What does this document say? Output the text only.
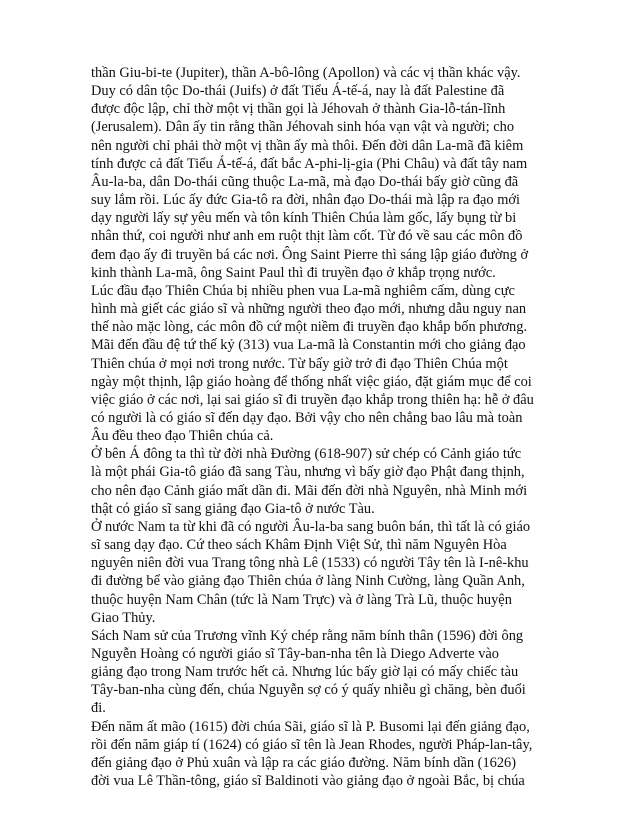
thần Giu-bi-te (Jupiter), thần A-bô-lông (Apollon) và các vị thần khác vậy.
Duy có dân tộc Do-thái (Juifs) ở đất Tiểu Á-tế-á, nay là đất Palestine đã
được độc lập, chỉ thờ một vị thần gọi là Jéhovah ở thành Gia-lỗ-tán-lĩnh
(Jerusalem). Dân ấy tin rằng thần Jéhovah sinh hóa vạn vật và người; cho
nên người chỉ phải thờ một vị thần ấy mà thôi. Đến đời dân La-mã đã kiêm
tính được cả đất Tiểu Á-tế-á, đất bắc A-phi-lị-gia (Phi Châu) và đất tây nam
Âu-la-ba, dân Do-thái cũng thuộc La-mã, mà đạo Do-thái bấy giờ cũng đã
suy lắm rồi. Lúc ấy đức Gia-tô ra đời, nhân đạo Do-thái mà lập ra đạo mới
dạy người lấy sự yêu mến và tôn kính Thiên Chúa làm gốc, lấy bụng từ bi
nhân thứ, coi người như anh em ruột thịt làm cốt. Từ đó về sau các môn đồ
đem đạo ấy đi truyền bá các nơi. Ông Saint Pierre thì sáng lập giáo đường ở
kinh thành La-mã, ông Saint Paul thì đi truyền đạo ở khắp trọng nước.
Lúc đầu đạo Thiên Chúa bị nhiều phen vua La-mã nghiêm cấm, dùng cực
hình mà giết các giáo sĩ và những người theo đạo mới, nhưng dẫu nguy nan
thế nào mặc lòng, các môn đồ cứ một niềm đi truyền đạo khắp bốn phương.
Mãi đến đầu đệ tứ thế kỷ (313) vua La-mã là Constantin mới cho giảng đạo
Thiên chúa ở mọi nơi trong nước. Từ bấy giờ trở đi đạo Thiên Chúa một
ngày một thịnh, lập giáo hoàng để thống nhất việc giáo, đặt giám mục để coi
việc giáo ở các nơi, lại sai giáo sĩ đi truyền đạo khắp trong thiên hạ: hễ ở đâu
có người là có giáo sĩ đến dạy đạo. Bởi vậy cho nên chẳng bao lâu mà toàn
Âu đều theo đạo Thiên chúa cả.
Ở bên Á đông ta thì từ đời nhà Đường (618-907) sử chép có Cảnh giáo tức
là một phái Gia-tô giáo đã sang Tàu, nhưng vì bấy giờ đạo Phật đang thịnh,
cho nên đạo Cảnh giáo mất dần đi. Mãi đến đời nhà Nguyên, nhà Minh mới
thật có giáo sĩ sang giảng đạo Gia-tô ở nước Tàu.
Ở nước Nam ta từ khi đã có người Âu-la-ba sang buôn bán, thì tất là có giáo
sĩ sang dạy đạo. Cứ theo sách Khâm Định Việt Sử, thì năm Nguyên Hòa
nguyên niên đời vua Trang tông nhà Lê (1533) có người Tây tên là I-nê-khu
đi đường bể vào giảng đạo Thiên chúa ở làng Ninh Cường, làng Quần Anh,
thuộc huyện Nam Chân (tức là Nam Trực) và ở làng Trà Lũ, thuộc huyện
Giao Thủy.
Sách Nam sử của Trương vĩnh Ký chép rằng năm bính thân (1596) đời ông
Nguyễn Hoàng có người giáo sĩ Tây-ban-nha tên là Diego Adverte vào
giảng đạo trong Nam trước hết cả. Nhưng lúc bấy giờ lại có mấy chiếc tàu
Tây-ban-nha cùng đến, chúa Nguyễn sợ có ý quấy nhiễu gì chăng, bèn đuổi
đi.
Đến năm ất mão (1615) đời chúa Sãi, giáo sĩ là P. Busomi lại đến giảng đạo,
rồi đến năm giáp tí (1624) có giáo sĩ tên là Jean Rhodes, người Pháp-lan-tây,
đến giảng đạo ở Phủ xuân và lập ra các giáo đường. Năm bính dần (1626)
đời vua Lê Thần-tông, giáo sĩ Baldinoti vào giảng đạo ở ngoài Bắc, bị chúa
